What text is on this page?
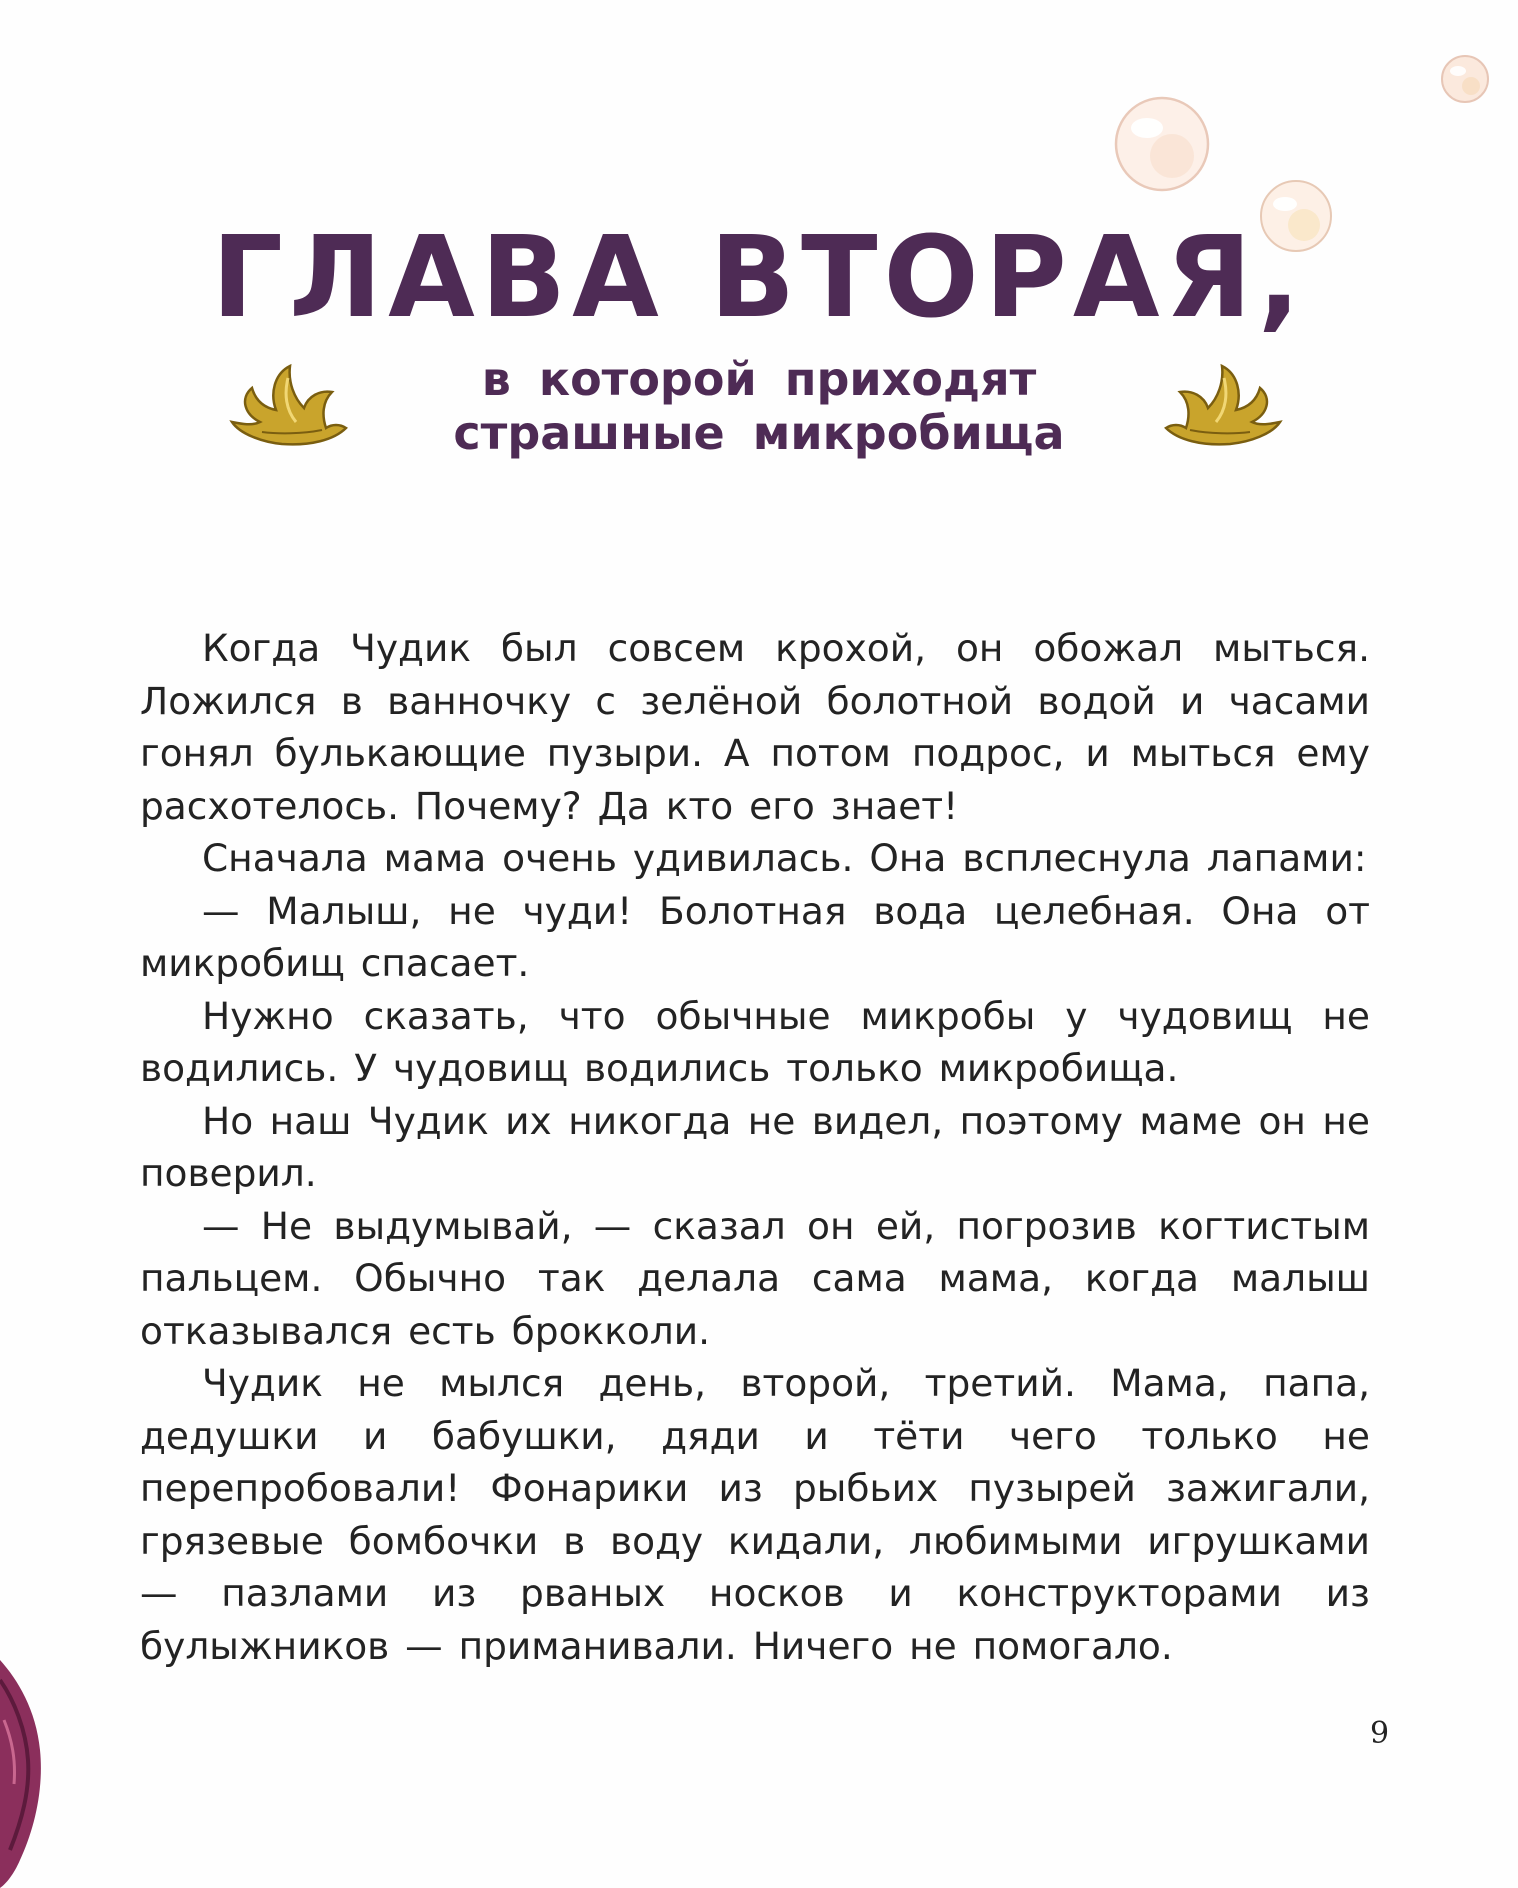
ГЛАВА ВТОРАЯ,
в которой приходят
страшные микробища

Когда Чудик был совсем крохой, он обожал мыться. Ложился в ванночку с зелёной болотной водой и часами гонял булькающие пузыри. А потом подрос, и мыться ему расхотелось. Почему? Да кто его знает!

Сначала мама очень удивилась. Она всплеснула лапами:

— Малыш, не чуди! Болотная вода целебная. Она от микробищ спасает.

Нужно сказать, что обычные микробы у чудовищ не водились. У чудовищ водились только микробища.

Но наш Чудик их никогда не видел, поэтому маме он не поверил.

— Не выдумывай, — сказал он ей, погрозив когтистым пальцем. Обычно так делала сама мама, когда малыш отказывался есть брокколи.

Чудик не мылся день, второй, третий. Мама, папа, дедушки и бабушки, дяди и тёти чего только не перепробовали! Фонарики из рыбьих пузырей зажигали, грязевые бомбочки в воду кидали, любимыми игрушками — пазлами из рваных носков и конструкторами из булыжников — приманивали. Ничего не помогало.

9
